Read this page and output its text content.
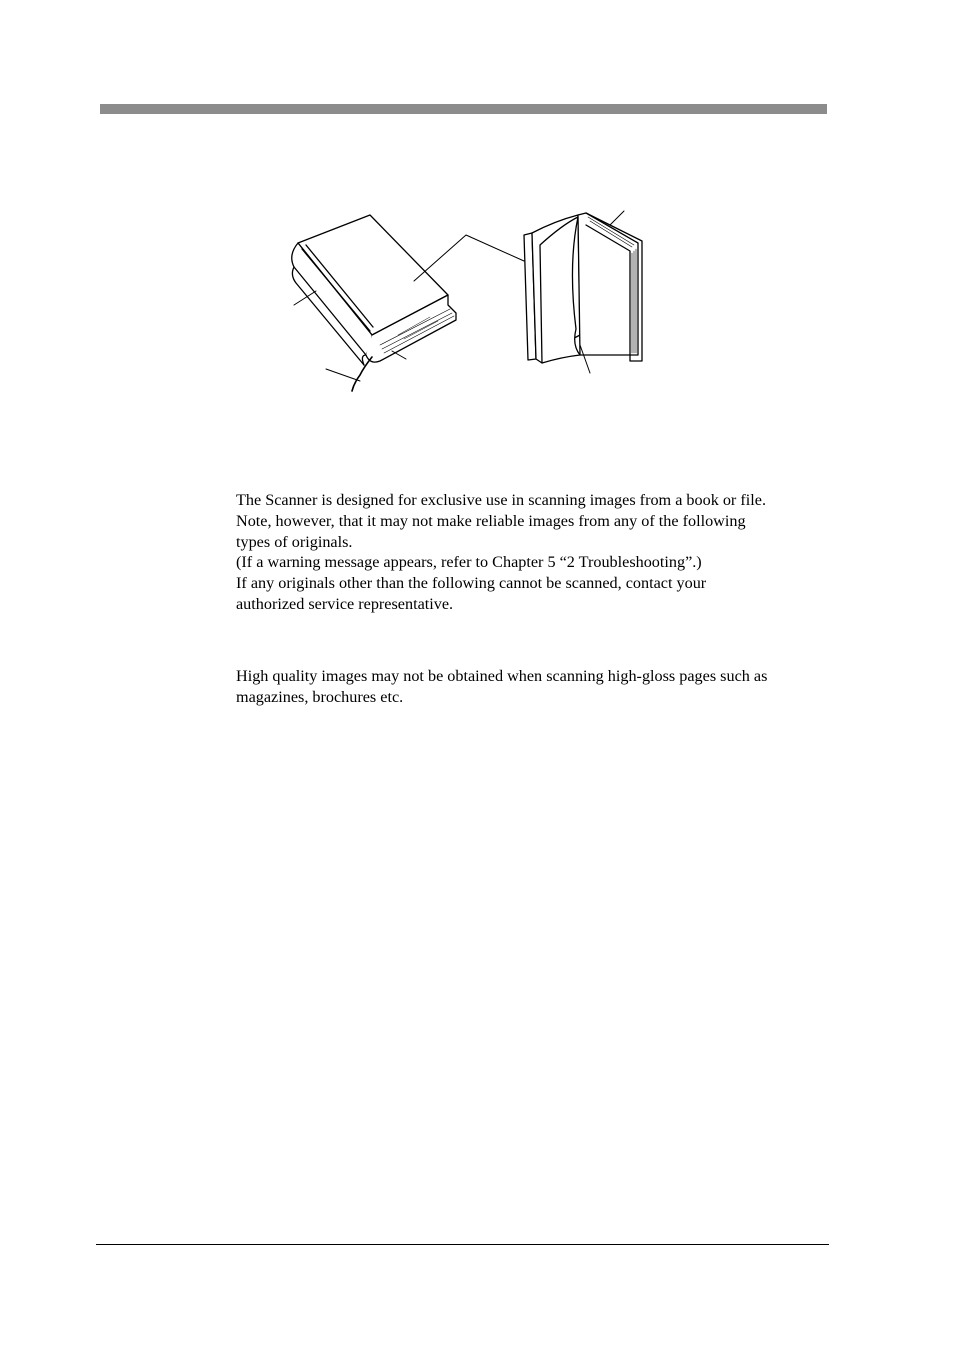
The Scanner is designed for exclusive use in scanning images from a book or file.

Note, however, that it may not make reliable images from any of the following

types of originals.

(If a warning message appears, refer to Chapter 5 “2 Troubleshooting”.)

If any originals other than the following cannot be scanned, contact your

authorized service representative.

High quality images may not be obtained when scanning high-gloss pages such as

magazines, brochures etc.
